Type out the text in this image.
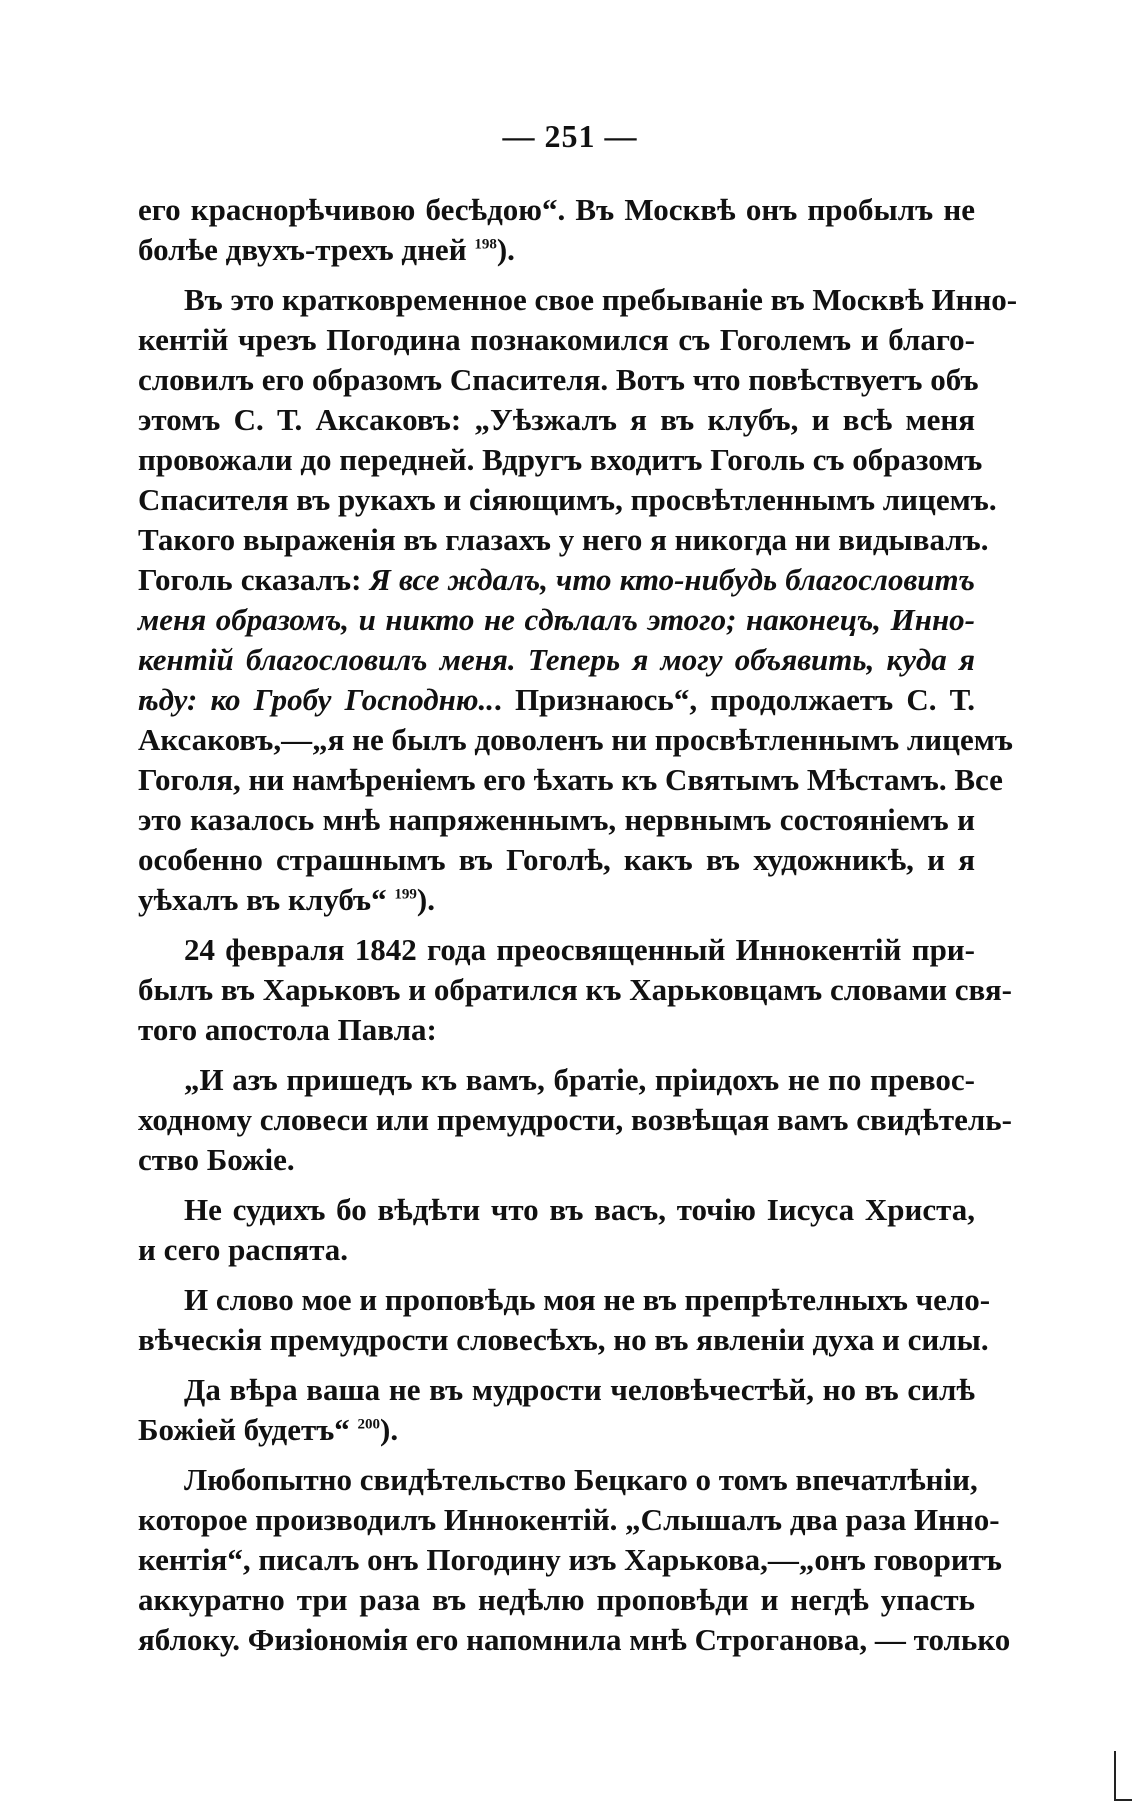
— 251 —
его краснорѣчивою бесѣдою“. Въ Москвѣ онъ пробылъ не
болѣе двухъ-трехъ дней $^{198}$).
Въ это кратковременное свое пребываніе въ Москвѣ Инно-
кентій чрезъ Погодина познакомился съ Гоголемъ и благо-
словилъ его образомъ Спасителя. Вотъ что повѣствуетъ объ
этомъ С. Т. Аксаковъ: „Уѣзжалъ я въ клубъ, и всѣ меня
провожали до передней. Вдругъ входитъ Гоголь съ образомъ
Спасителя въ рукахъ и сіяющимъ, просвѣтленнымъ лицемъ.
Такого выраженія въ глазахъ у него я никогда ни видывалъ.
Гоголь сказалъ: Я все ждалъ, что кто-нибудь благословитъ
меня образомъ, и никто не сдѣлалъ этого; наконецъ, Инно-
кентій благословилъ меня. Теперь я могу объявить, куда я
ѣду: ко Гробу Господню... Признаюсь“, продолжаетъ С. Т.
Аксаковъ,—„я не былъ доволенъ ни просвѣтленнымъ лицемъ
Гоголя, ни намѣреніемъ его ѣхать къ Святымъ Мѣстамъ. Все
это казалось мнѣ напряженнымъ, нервнымъ состояніемъ и
особенно страшнымъ въ Гоголѣ, какъ въ художникѣ, и я
уѣхалъ въ клубъ“ $^{199}$).
24 февраля 1842 года преосвященный Иннокентій при-
былъ въ Харьковъ и обратился къ Харьковцамъ словами свя-
того апостола Павла:
„И азъ пришедъ къ вамъ, братіе, пріидохъ не по превос-
ходному словеси или премудрости, возвѣщая вамъ свидѣтель-
ство Божіе.
Не судихъ бо вѣдѣти что въ васъ, точію Іисуса Христа,
и сего распята.
И слово мое и проповѣдь моя не въ препрѣтелныхъ чело-
вѣческія премудрости словесѣхъ, но въ явленіи духа и силы.
Да вѣра ваша не въ мудрости человѣчестѣй, но въ силѣ
Божіей будетъ“ $^{200}$).
Любопытно свидѣтельство Бецкаго о томъ впечатлѣніи,
которое производилъ Иннокентій. „Слышалъ два раза Инно-
кентія“, писалъ онъ Погодину изъ Харькова,—„онъ говоритъ
аккуратно три раза въ недѣлю проповѣди и негдѣ упасть
яблоку. Физіономія его напомнила мнѣ Строганова, — только
